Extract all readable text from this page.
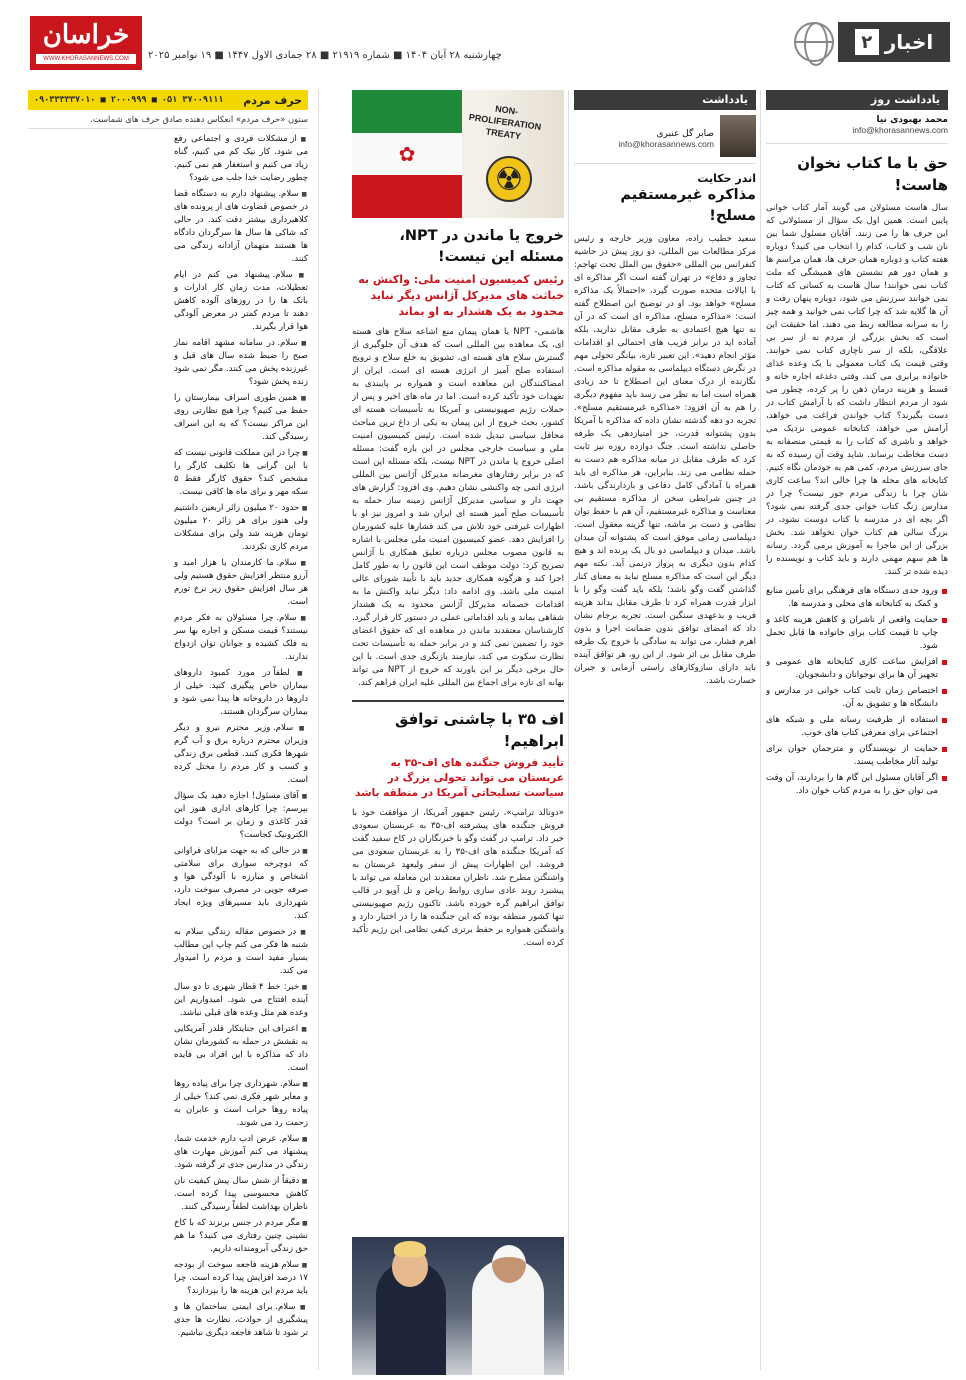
اخبار
۲
خراسان
WWW.KHORASANNEWS.COM	چهارشنبه ۲۸ آبان ۱۴۰۴ ■ شماره ۲۱۹۱۹ ■ ۲۸ جمادی الاول ۱۴۴۷ ■ ۱۹ نوامبر ۲۰۲۵
یادداشت روز
محمد بهبودی نیا
info@khorasannews.com
حق با ما کتاب نخوان هاست!

سال هاست مسئولان می گویند آمار کتاب خوانی پایین است. همین اول یک سؤال از مسئولانی که این حرف ها را می زنند. آقایان مسئول شما بین نان شب و کتاب، کدام را انتخاب می کنید؟ دوباره هفته کتاب و دوباره همان حرف ها، همان مراسم ها و همان دور هم نشستن های همیشگی که ملت کتاب نمی خوانند! سال هاست به کسانی که کتاب نمی خوانند سرزنش می شود، دوباره پنهان رفت و آن ها گلایه شد که چرا کتاب نمی خوانید و همه چیز را به سرانه مطالعه ربط می دهند. اما حقیقت این است که بخش بزرگی از مردم نه از سر بی علاقگی، بلکه از سر ناچاری کتاب نمی خوانند. وقتی قیمت یک کتاب معمولی با یک وعده غذای خانواده برابری می کند، وقتی دغدغه اجاره خانه و قسط و هزینه درمان ذهن را پر کرده، چطور می شود از مردم انتظار داشت که با آرامش کتاب در دست بگیرند؟ کتاب خواندن فراغت می خواهد، آرامش می خواهد، کتابخانه عمومی نزدیک می خواهد و ناشری که کتاب را به قیمتی منصفانه به دست مخاطب برساند. شاید وقت آن رسیده که به جای سرزنش مردم، کمی هم به خودمان نگاه کنیم. کتابخانه های محله ها چرا خالی اند؟ ساعت کاری شان چرا با زندگی مردم جور نیست؟ چرا در مدارس زنگ کتاب خوانی جدی گرفته نمی شود؟ اگر بچه ای در مدرسه با کتاب دوست نشود، در بزرگ سالی هم کتاب خوان نخواهد شد. بخش بزرگی از این ماجرا به آموزش برمی گردد. رسانه ها هم سهم مهمی دارند و باید کتاب و نویسنده را دیده شده تر کنند.

ورود جدی دستگاه های فرهنگی برای تأمین منابع و کمک به کتابخانه های محلی و مدرسه ها.
حمایت واقعی از ناشران و کاهش هزینه کاغذ و چاپ تا قیمت کتاب برای خانواده ها قابل تحمل شود.
افزایش ساعت کاری کتابخانه های عمومی و تجهیز آن ها برای نوجوانان و دانشجویان.
اختصاص زمان ثابت کتاب خوانی در مدارس و دانشگاه ها و تشویق به آن.
استفاده از ظرفیت رسانه ملی و شبکه های اجتماعی برای معرفی کتاب های خوب.
حمایت از نویسندگان و مترجمان جوان برای تولید آثار مخاطب پسند.
اگر آقایان مسئول این گام ها را بردارند، آن وقت می توان حق را به مردم کتاب خوان داد.
یادداشت
صابر گل عنبری
info@khorasannews.com
اندر حکایت
مذاکره غیرمستقیم مسلح!

سعید خطیب زاده، معاون وزیر خارجه و رئیس مرکز مطالعات بین المللی، دو روز پیش در حاشیه کنفرانس بین المللی «حقوق بین الملل تحت تهاجم: تجاوز و دفاع» در تهران گفته است اگر مذاکره ای با ایالات متحده صورت گیرد، «احتمالاً یک مذاکره مسلح» خواهد بود. او در توضیح این اصطلاح گفته است: «مذاکره مسلح، مذاکره ای است که در آن نه تنها هیچ اعتمادی به طرف مقابل ندارید، بلکه آماده اید در برابر فریب های احتمالی او اقدامات مؤثر انجام دهید». این تعبیر تازه، بیانگر تحولی مهم در نگرش دستگاه دیپلماسی به مقوله مذاکره است. نگارنده از درک معنای این اصطلاح تا حد زیادی همراه است اما به نظر می رسد باید مفهوم دیگری را هم به آن افزود: «مذاکره غیرمستقیم مسلح». تجربه دو دهه گذشته نشان داده که مذاکره با آمریکا بدون پشتوانه قدرت، جز امتیازدهی یک طرفه حاصلی نداشته است. جنگ دوازده روزه نیز ثابت کرد که طرف مقابل در میانه مذاکره هم دست به حمله نظامی می زند. بنابراین، هر مذاکره ای باید همراه با آمادگی کامل دفاعی و بازدارندگی باشد. در چنین شرایطی سخن از مذاکره مستقیم بی معناست و مذاکره غیرمستقیم، آن هم با حفظ توان نظامی و دست بر ماشه، تنها گزینه معقول است. دیپلماسی زمانی موفق است که پشتوانه آن میدان باشد. میدان و دیپلماسی دو بال یک پرنده اند و هیچ کدام بدون دیگری به پرواز درنمی آید. نکته مهم دیگر این است که مذاکره مسلح نباید به معنای کنار گذاشتن گفت وگو باشد؛ بلکه باید گفت وگو را با ابزار قدرت همراه کرد تا طرف مقابل بداند هزینه فریب و بدعهدی سنگین است. تجربه برجام نشان داد که امضای توافق بدون ضمانت اجرا و بدون اهرم فشار، می تواند به سادگی با خروج یک طرفه طرف مقابل بی اثر شود. از این رو، هر توافق آینده باید دارای سازوکارهای راستی آزمایی و جبران خسارت باشد.

✿
NON-PROLIFERATION TREATY
☢
خروج یا ماندن در NPT، مسئله این نیست!
رئیس کمیسیون امنیت ملی: واکنش به خباثت های مدیرکل آژانس دیگر نباید محدود به یک هشدار به او بماند

هاشمی- NPT یا همان پیمان منع اشاعه سلاح های هسته ای، یک معاهده بین المللی است که هدف آن جلوگیری از گسترش سلاح های هسته ای، تشویق به خلع سلاح و ترویج استفاده صلح آمیز از انرژی هسته ای است. ایران از امضاکنندگان این معاهده است و همواره بر پایبندی به تعهدات خود تأکید کرده است. اما در ماه های اخیر و پس از حملات رژیم صهیونیستی و آمریکا به تأسیسات هسته ای کشور، بحث خروج از این پیمان به یکی از داغ ترین مباحث محافل سیاسی تبدیل شده است. رئیس کمیسیون امنیت ملی و سیاست خارجی مجلس در این باره گفت: مسئله اصلی خروج یا ماندن در NPT نیست، بلکه مسئله این است که در برابر رفتارهای مغرضانه مدیرکل آژانس بین المللی انرژی اتمی چه واکنشی نشان دهیم. وی افزود: گزارش های جهت دار و سیاسی مدیرکل آژانس زمینه ساز حمله به تأسیسات صلح آمیز هسته ای ایران شد و امروز نیز او با اظهارات غیرفنی خود تلاش می کند فشارها علیه کشورمان را افزایش دهد. عضو کمیسیون امنیت ملی مجلس با اشاره به قانون مصوب مجلس درباره تعلیق همکاری با آژانس تصریح کرد: دولت موظف است این قانون را به طور کامل اجرا کند و هرگونه همکاری جدید باید با تأیید شورای عالی امنیت ملی باشد. وی ادامه داد: دیگر نباید واکنش ما به اقدامات خصمانه مدیرکل آژانس محدود به یک هشدار شفاهی بماند و باید اقداماتی عملی در دستور کار قرار گیرد. کارشناسان معتقدند ماندن در معاهده ای که حقوق اعضای خود را تضمین نمی کند و در برابر حمله به تأسیسات تحت نظارت سکوت می کند، نیازمند بازنگری جدی است. با این حال برخی دیگر بر این باورند که خروج از NPT می تواند بهانه ای تازه برای اجماع بین المللی علیه ایران فراهم کند.

اف ۳۵ با چاشنی توافق ابراهیم!
تأیید فروش جنگنده های اف-۳۵ به عربستان می تواند تحولی بزرگ در سیاست تسلیحاتی آمریکا در منطقه باشد

«دونالد ترامپ»، رئیس جمهور آمریکا، از موافقت خود با فروش جنگنده های پیشرفته اف-۳۵ به عربستان سعودی خبر داد. ترامپ در گفت وگو با خبرنگاران در کاخ سفید گفت که آمریکا جنگنده های اف-۳۵ را به عربستان سعودی می فروشد. این اظهارات پیش از سفر ولیعهد عربستان به واشنگتن مطرح شد. ناظران معتقدند این معامله می تواند با پیشبرد روند عادی سازی روابط ریاض و تل آویو در قالب توافق ابراهیم گره خورده باشد. تاکنون رژیم صهیونیستی تنها کشور منطقه بوده که این جنگنده ها را در اختیار دارد و واشنگتن همواره بر حفظ برتری کیفی نظامی این رژیم تأکید کرده است.

حرف مردم
۰۹۰۳۳۳۳۳۷۰۱۰ ■ ۲۰۰۰۹۹۹ ■ ۰۵۱ ۳۷۰۰۹۱۱۱
ستون «حرف مردم» انعکاس دهنده صادق حرف های شماست.

■ از مشکلات فردی و اجتماعی رفع می شود. کار نیک کم می کنیم، گناه زیاد می کنیم و استغفار هم نمی کنیم. چطور رضایت خدا جلب می شود؟

■ سلام. پیشنهاد دارم به دستگاه قضا در خصوص قضاوت های از پرونده های کلاهبرداری بیشتر دقت کند. در حالی که شاکی ها سال ها سرگردان دادگاه ها هستند متهمان آزادانه زندگی می کنند.

■ سلام. پیشنهاد می کنم در ایام تعطیلات، مدت زمان کار ادارات و بانک ها را در روزهای آلوده کاهش دهند تا مردم کمتر در معرض آلودگی هوا قرار بگیرند.

■ سلام. در سامانه مشهد اقامه نماز صبح را ضبط شده سال های قبل و غیرزنده پخش می کنند. مگر نمی شود زنده پخش شود؟

■ همین طوری اسراف بیمارستان را حفظ می کنیم؟ چرا هیچ نظارتی روی این مراکز نیست؟ که یه این اسراف رسیدگی کند.

■ چرا در این مملکت قانونی نیست که با این گرانی ها تکلیف کارگر را مشخص کند؟ حقوق کارگر فقط ۵ سکه مهر و برای ماه ها کافی نیست.

■ حدود ۲۰ میلیون زائر اربعین داشتیم ولی هنوز برای هر زائر ۲۰ میلیون تومان هزینه شد ولی برای مشکلات مردم کاری نکردند.

■ سلام. ما کارمندان با هزار امید و آرزو منتظر افزایش حقوق هستیم ولی هر سال افزایش حقوق زیر نرخ تورم است.

■ سلام. چرا مسئولان به فکر مردم نیستند؟ قیمت مسکن و اجاره بها سر به فلک کشیده و جوانان توان ازدواج ندارند.

■ لطفاً در مورد کمبود داروهای بیماران خاص پیگیری کنید. خیلی از داروها در داروخانه ها پیدا نمی شود و بیماران سرگردان هستند.

■ سلام. وزیر محترم نیرو و دیگر وزیران محترم درباره برق و آب گرم شهرها فکری کنند. قطعی برق زندگی و کسب و کار مردم را مختل کرده است.

■ آقای مسئول! اجازه دهید یک سؤال بپرسم: چرا کارهای اداری هنوز این قدر کاغذی و زمان بر است؟ دولت الکترونیک کجاست؟

■ در حالی که به جهت مزایای فراوانی که دوچرخه سواری برای سلامتی اشخاص و مبارزه با آلودگی هوا و صرفه جویی در مصرف سوخت دارد، شهرداری باید مسیرهای ویژه ایجاد کند.

■ در خصوص مقاله زندگی سلام به شنبه ها فکر می کنم چاپ این مطالب بسیار مفید است و مردم را امیدوار می کند.

■ خبر: خط ۴ قطار شهری تا دو سال آینده افتتاح می شود. امیدواریم این وعده هم مثل وعده های قبلی نباشد.

■ اعتراف این جنایتکار قلدر آمریکایی به نقشش در حمله به کشورمان نشان داد که مذاکره با این افراد بی فایده است.

■ سلام. شهرداری چرا برای پیاده روها و معابر شهر فکری نمی کند؟ خیلی از پیاده روها خراب است و عابران به زحمت رد می شوند.

■ سلام. عرض ادب دارم خدمت شما. پیشنهاد می کنم آموزش مهارت های زندگی در مدارس جدی تر گرفته شود.

■ دقیقاً از شش سال پیش کیفیت نان کاهش محسوسی پیدا کرده است. ناظران بهداشت لطفاً رسیدگی کنند.

■ مگر مردم در جنس برنزند که با کاخ نشینی چنین رفتاری می کنید؟ ما هم حق زندگی آبرومندانه داریم.

■ سلام هزینه فاجعه سوخت از بودجه ۱۷ درصد افزایش پیدا کرده است. چرا باید مردم این هزینه ها را بپردازند؟

■ سلام. برای ایمنی ساختمان ها و پیشگیری از حوادث، نظارت ها جدی تر شود تا شاهد فاجعه دیگری نباشیم.
